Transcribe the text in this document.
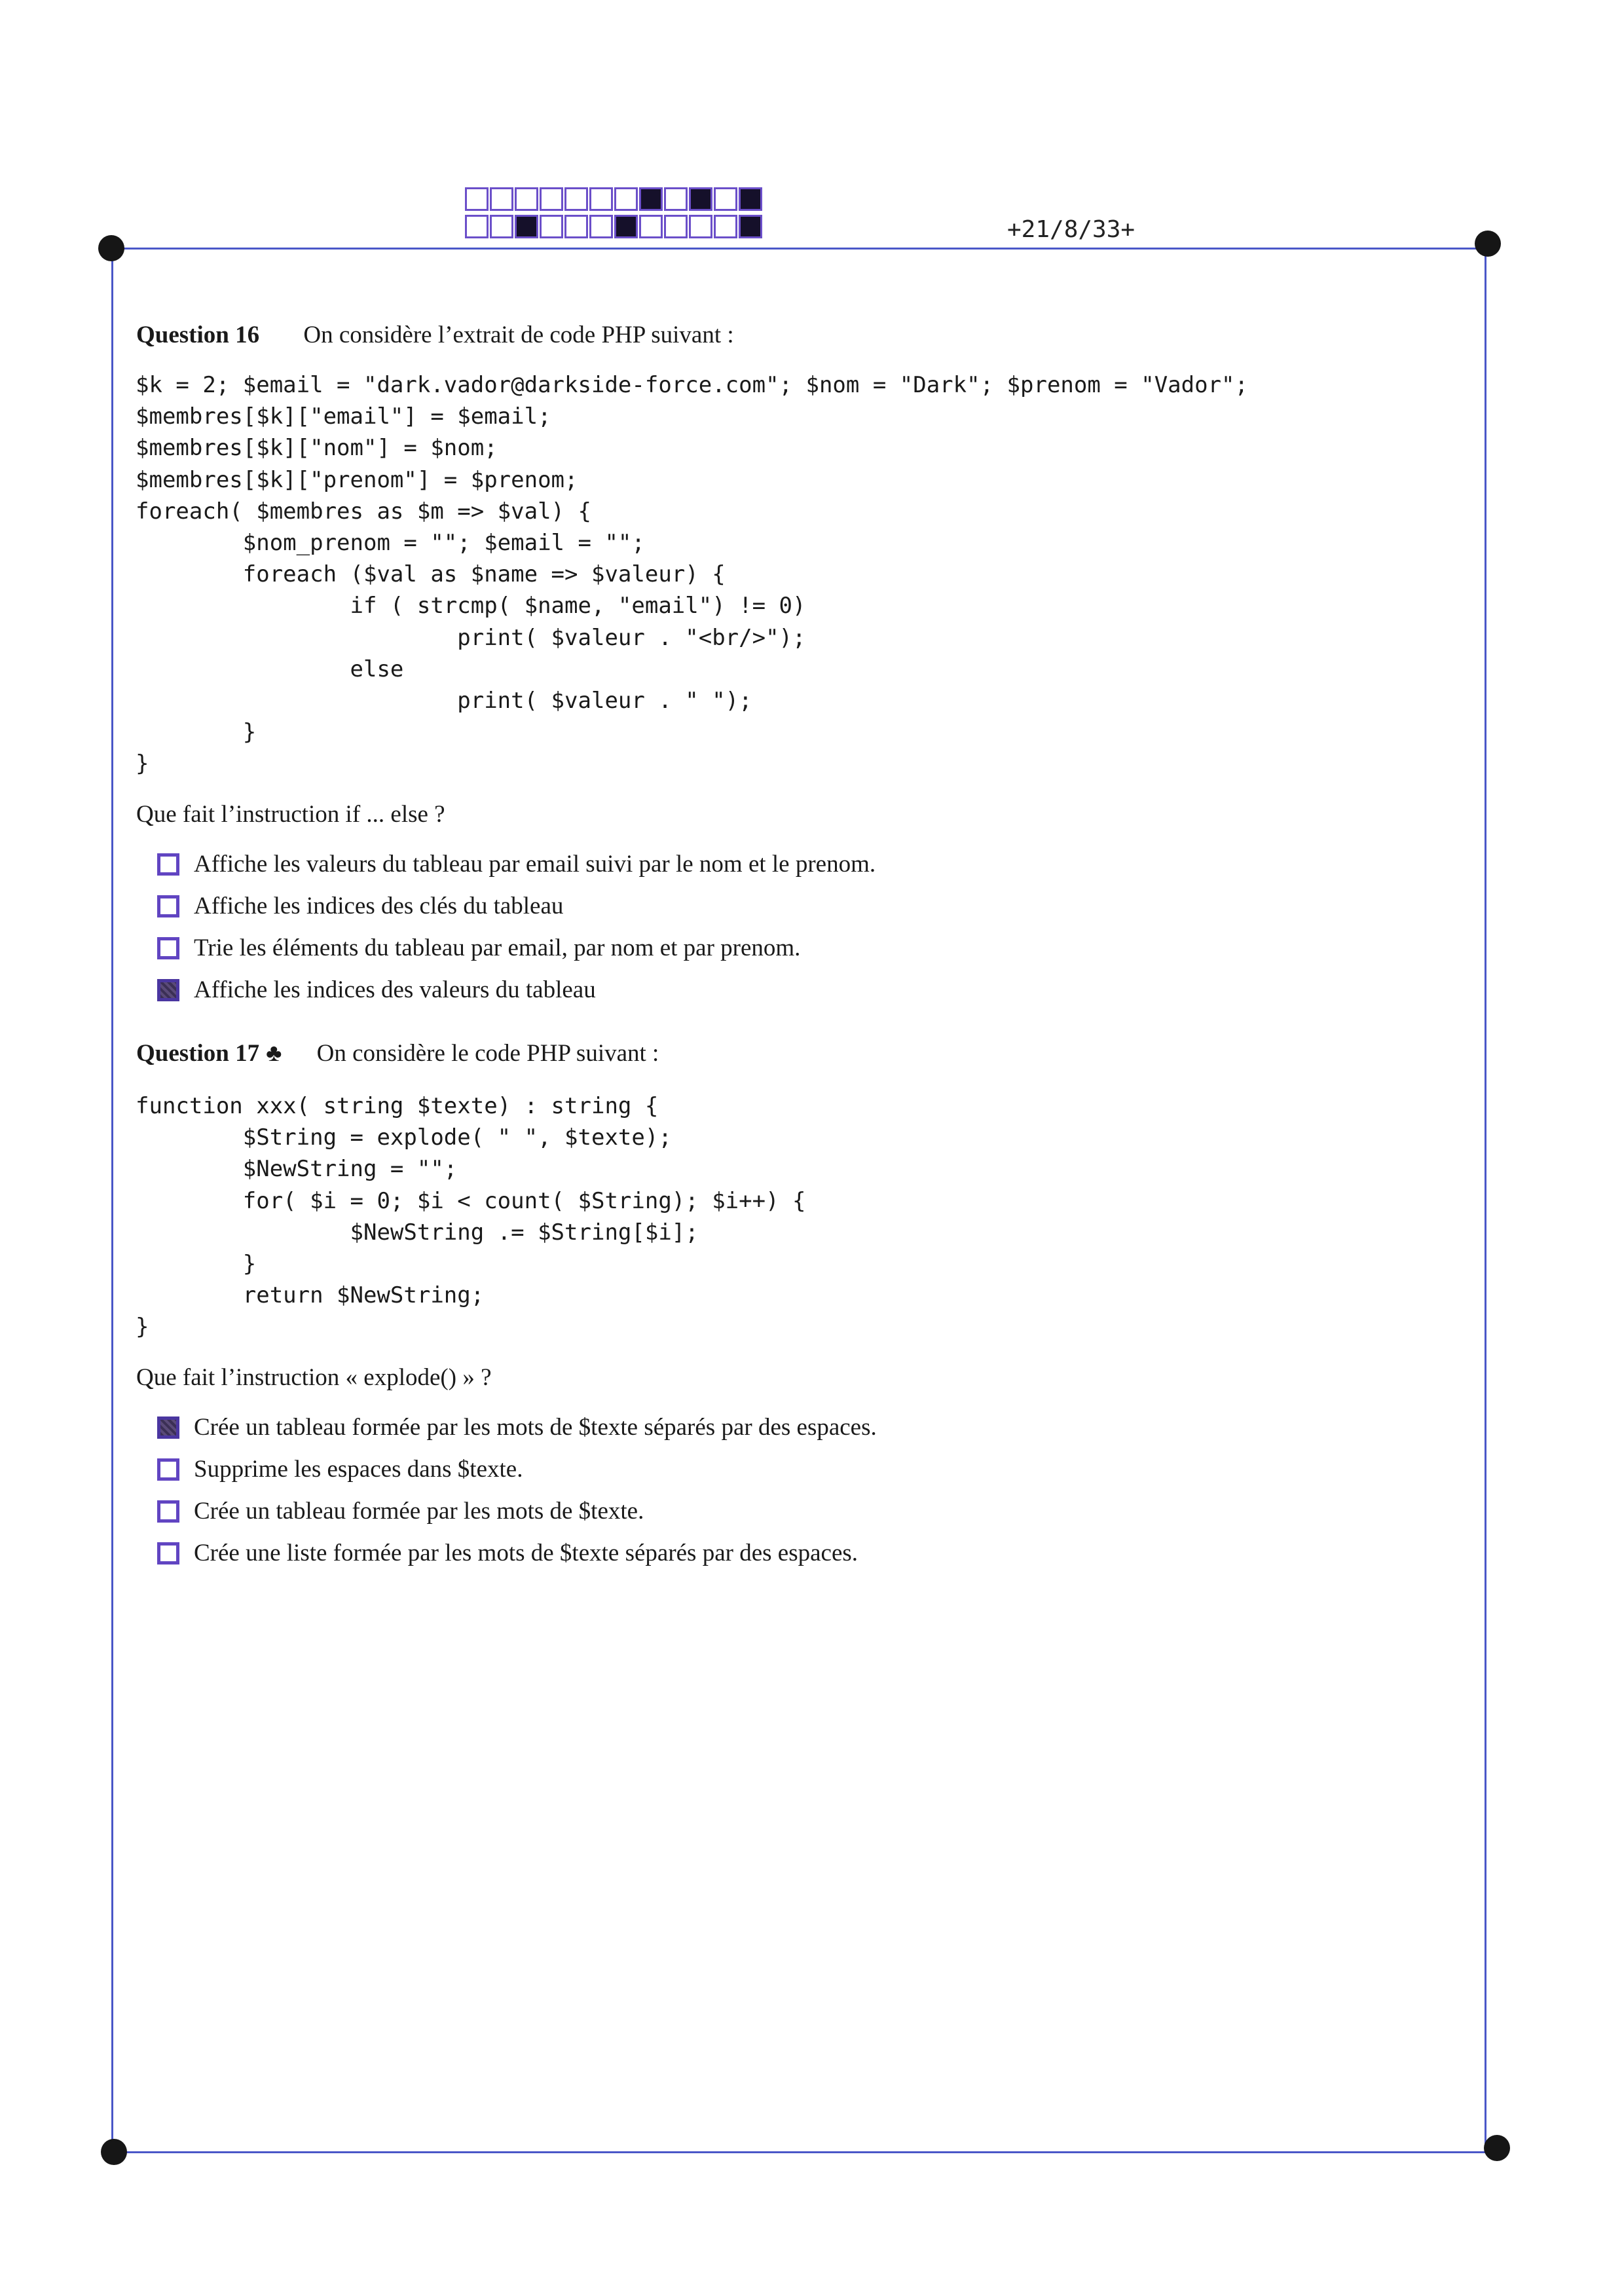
+21/8/33+
Question 16 On considère l’extrait de code PHP suivant :
$k = 2; $email = "dark.vador@darkside-force.com"; $nom = "Dark"; $prenom = "Vador";
$membres[$k]["email"] = $email;
$membres[$k]["nom"] = $nom;
$membres[$k]["prenom"] = $prenom;
foreach( $membres as $m => $val) {
$nom_prenom = ""; $email = "";
foreach ($val as $name => $valeur) {
if ( strcmp( $name, "email") != 0)
print( $valeur . "<br/>");
else
print( $valeur . " ");
}
}
Que fait l’instruction if ... else ?
Affiche les valeurs du tableau par email suivi par le nom et le prenom.
Affiche les indices des clés du tableau
Trie les éléments du tableau par email, par nom et par prenom.
Affiche les indices des valeurs du tableau
Question 17 ♣ On considère le code PHP suivant :
function xxx( string $texte) : string {
$String = explode( " ", $texte);
$NewString = "";
for( $i = 0; $i < count( $String); $i++) {
$NewString .= $String[$i];
}
return $NewString;
}
Que fait l’instruction « explode() » ?
Crée un tableau formée par les mots de $texte séparés par des espaces.
Supprime les espaces dans $texte.
Crée un tableau formée par les mots de $texte.
Crée une liste formée par les mots de $texte séparés par des espaces.
